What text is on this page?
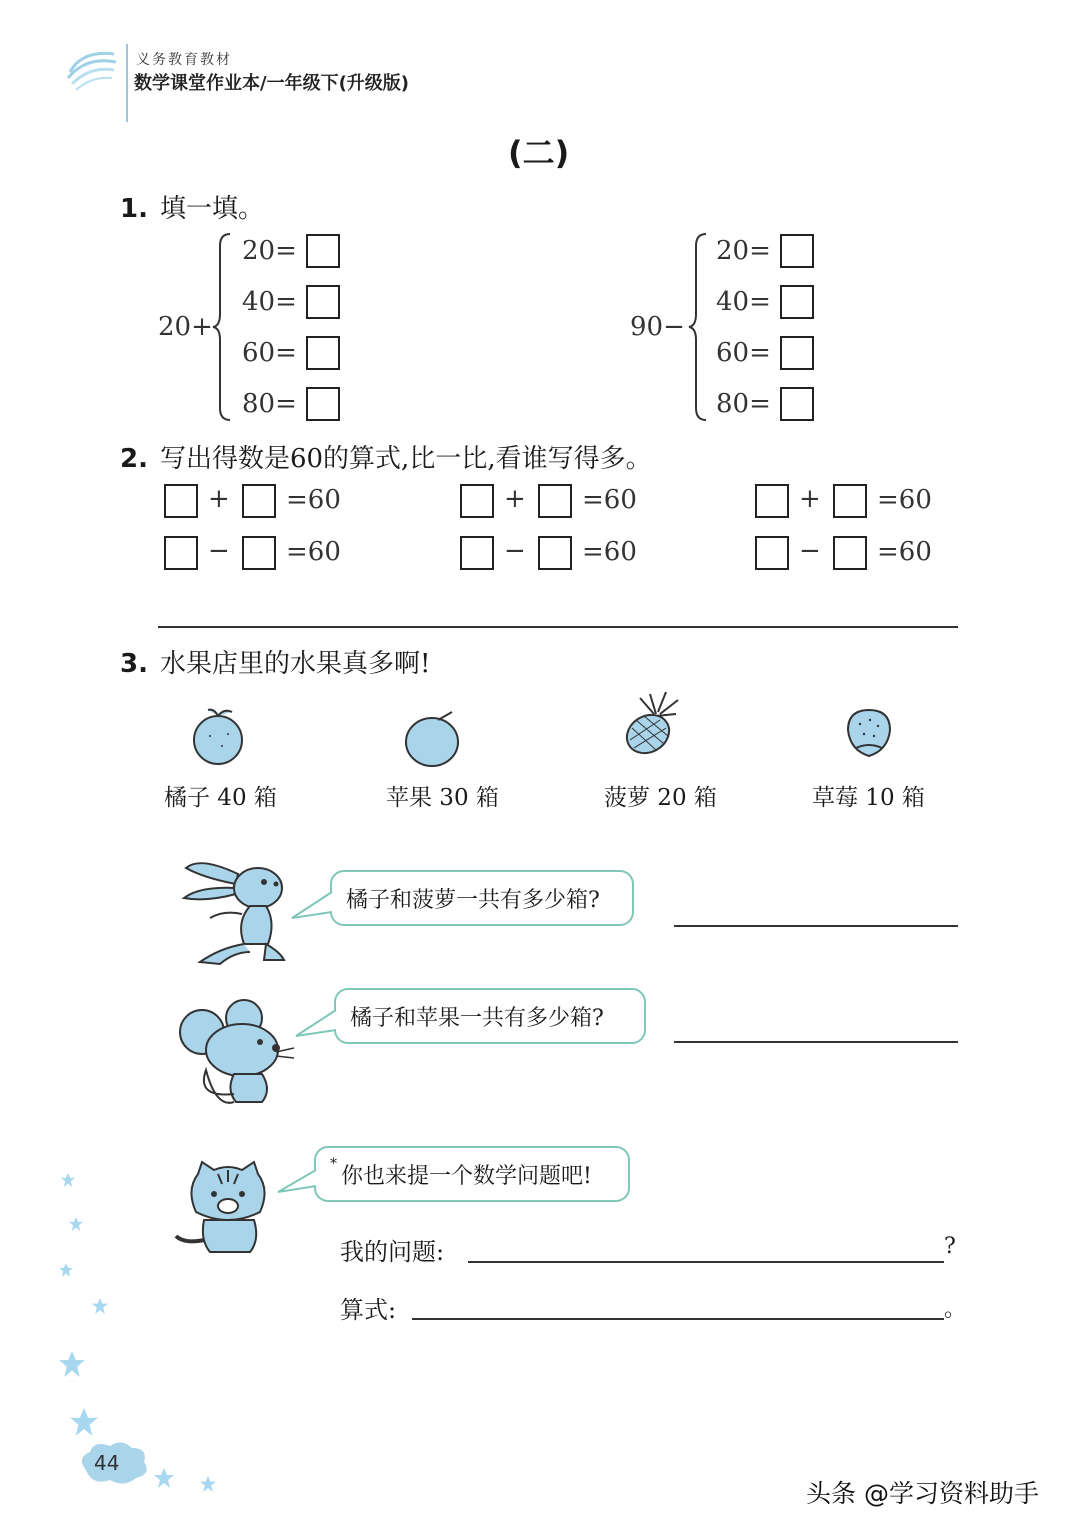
义务教育教材
数学课堂作业本/一年级下(升级版)
(二)
1. 填一填。
20+
20=
40=
60=
80=
90−
20=
40=
60=
80=
2. 写出得数是60的算式,比一比,看谁写得多。
+ =60
− =60
+ =60
− =60
+ =60
− =60
3. 水果店里的水果真多啊!
橘子 40 箱	苹果 30 箱	菠萝 20 箱	草莓 10 箱
橘子和菠萝一共有多少箱?
橘子和苹果一共有多少箱?
* 你也来提一个数学问题吧!
我的问题:	?
算式:	。
44
头条 @学习资料助手
